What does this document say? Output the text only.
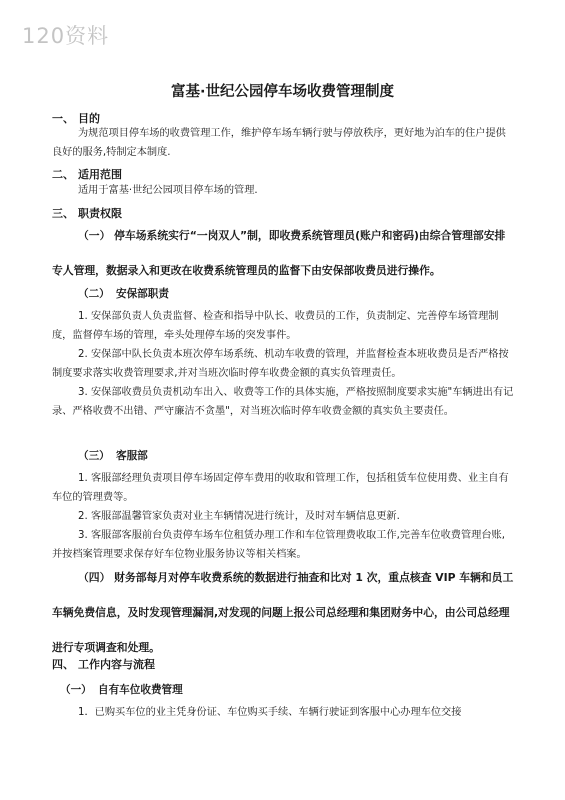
120资料
富基·世纪公园停车场收费管理制度
一、 目的
为规范项目停车场的收费管理工作，维护停车场车辆行驶与停放秩序，更好地为泊车的住户提供良好的服务,特制定本制度.
二、 适用范围
适用于富基·世纪公园项目停车场的管理.
三、 职责权限
（一） 停车场系统实行“一岗双人”制，即收费系统管理员(账户和密码)由综合管理部安排专人管理，数据录入和更改在收费系统管理员的监督下由安保部收费员进行操作。
（二） 安保部职责
1. 安保部负责人负责监督、检查和指导中队长、收费员的工作，负责制定、完善停车场管理制度，监督停车场的管理，牵头处理停车场的突发事件。
2. 安保部中队长负责本班次停车场系统、机动车收费的管理，并监督检查本班收费员是否严格按制度要求落实收费管理要求,并对当班次临时停车收费金额的真实负管理责任。
3. 安保部收费员负责机动车出入、收费等工作的具体实施，严格按照制度要求实施"车辆进出有记录、严格收费不出错、严守廉洁不贪墨"，对当班次临时停车收费金额的真实负主要责任。
（三） 客服部
1. 客服部经理负责项目停车场固定停车费用的收取和管理工作，包括租赁车位使用费、业主自有车位的管理费等。
2. 客服部温馨管家负责对业主车辆情况进行统计，及时对车辆信息更新.
3. 客服部客服前台负责停车场车位租赁办理工作和车位管理费收取工作,完善车位收费管理台账,并按档案管理要求保存好车位物业服务协议等相关档案。
（四） 财务部每月对停车收费系统的数据进行抽查和比对 1 次，重点核查 VIP 车辆和员工车辆免费信息，及时发现管理漏洞,对发现的问题上报公司总经理和集团财务中心，由公司总经理进行专项调查和处理。
四、 工作内容与流程
（一） 自有车位收费管理
1．已购买车位的业主凭身份证、车位购买手续、车辆行驶证到客服中心办理车位交接
